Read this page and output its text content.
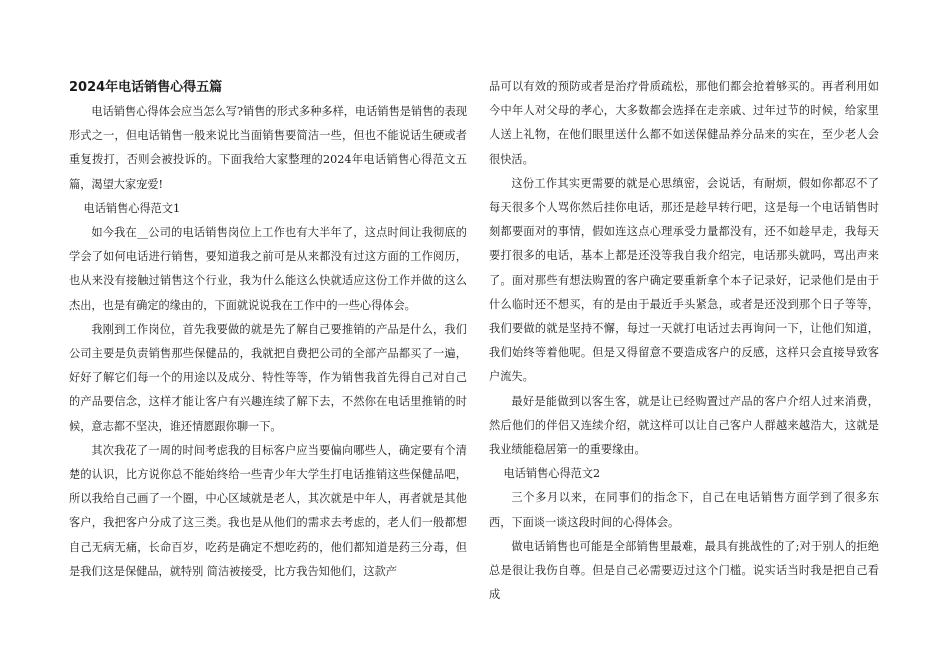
2024年电话销售心得五篇

电话销售心得体会应当怎么写?销售的形式多种多样，电话销售是销售的表现形式之一，但电话销售一般来说比当面销售要简洁一些，但也不能说话生硬或者重复拨打，否则会被投诉的。下面我给大家整理的2024年电话销售心得范文五篇，渴望大家宠爱!

电话销售心得范文1

如今我在__公司的电话销售岗位上工作也有大半年了，这点时间让我彻底的学会了如何电话进行销售，要知道我之前可是从来都没有过这方面的工作阅历，也从来没有接触过销售这个行业，我为什么能这么快就适应这份工作并做的这么杰出，也是有确定的缘由的，下面就说说我在工作中的一些心得体会。

我刚到工作岗位，首先我要做的就是先了解自己要推销的产品是什么，我们公司主要是负责销售那些保健品的，我就把自费把公司的全部产品都买了一遍，好好了解它们每一个的用途以及成分、特性等等，作为销售我首先得自己对自己的产品要信念，这样才能让客户有兴趣连续了解下去，不然你在电话里推销的时候，意志都不坚决，谁还情愿跟你聊一下。

其次我花了一周的时间考虑我的目标客户应当要偏向哪些人，确定要有个清楚的认识，比方说你总不能始终给一些青少年大学生打电话推销这些保健品吧，所以我给自己画了一个圈，中心区域就是老人，其次就是中年人，再者就是其他客户，我把客户分成了这三类。我也是从他们的需求去考虑的，老人们一般都想自己无病无痛，长命百岁，吃药是确定不想吃药的，他们都知道是药三分毒，但是我们这是保健品，就特别 简洁被接受，比方我告知他们，这款产

品可以有效的预防或者是治疗骨质疏松，那他们都会抢着够买的。再者利用如今中年人对父母的孝心，大多数都会选择在走亲戚、过年过节的时候，给家里人送上礼物，在他们眼里送什么都不如送保健品养分品来的实在，至少老人会很快活。

这份工作其实更需要的就是心思缜密，会说话，有耐烦，假如你都忍不了每天很多个人骂你然后挂你电话，那还是趁早转行吧，这是每一个电话销售时刻都要面对的事情，假如连这点心理承受力量都没有，还不如趁早走，我每天要打很多的电话，基本上都是还没等我自我介绍完，电话那头就吗，骂出声来了。面对那些有想法购置的客户确定要重新拿个本子记录好，记录他们是由于什么临时还不想买，有的是由于最近手头紧急，或者是还没到那个日子等等，我们要做的就是坚持不懈，每过一天就打电话过去再询问一下，让他们知道，我们始终等着他呢。但是又得留意不要造成客户的反感，这样只会直接导致客户流失。

最好是能做到以客生客，就是让已经购置过产品的客户介绍人过来消费，然后他们的伴侣又连续介绍，就这样可以让自己客户人群越来越浩大，这就是我业绩能稳居第一的重要缘由。

电话销售心得范文2

三个多月以来，在同事们的指念下，自己在电话销售方面学到了很多东西，下面谈一谈这段时间的心得体会。

做电话销售也可能是全部销售里最难，最具有挑战性的了;对于别人的拒绝总是很让我伤自尊。但是自己必需要迈过这个门槛。说实话当时我是把自己看成
